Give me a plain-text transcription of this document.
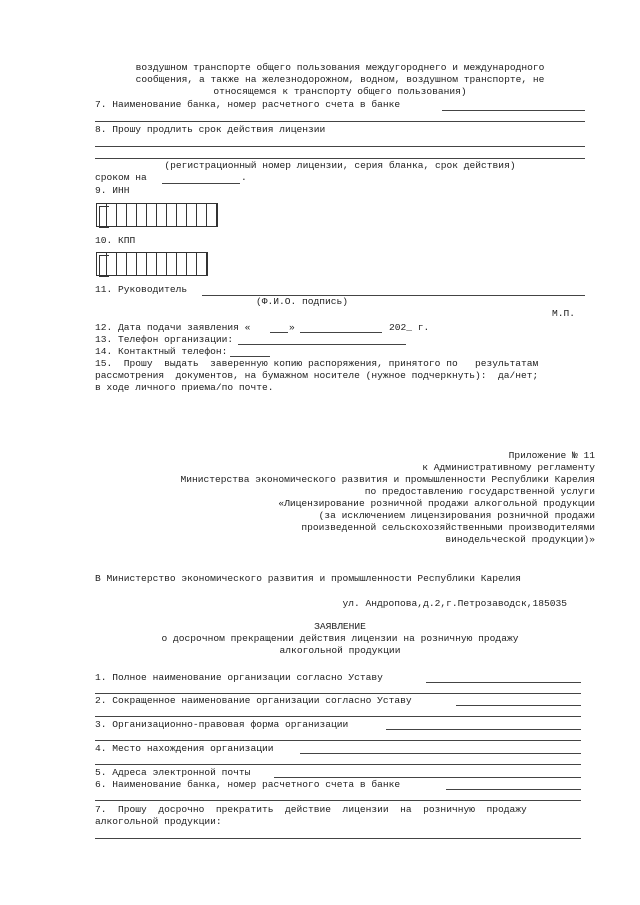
воздушном транспорте общего пользования междугороднего и международного
сообщения, а также на железнодорожном, водном, воздушном транспорте, не
относящемся к транспорту общего пользования)
7. Наименование банка, номер расчетного счета в банке
8. Прошу продлить срок действия лицензии
(регистрационный номер лицензии, серия бланка, срок действия)
сроком на	.
9. ИНН
10. КПП
11. Руководитель
(Ф.И.О. подпись)
М.П.
12. Дата подачи заявления «	»	202_ г.
13. Телефон организации:
14. Контактный телефон:
15.  Прошу  выдать  заверенную копию распоряжения, принятого по   результатам
рассмотрения  документов, на бумажном носителе (нужное подчеркнуть):  да/нет;
в ходе личного приема/по почте.
Приложение № 11
к Административному регламенту
Министерства экономического развития и промышленности Республики Карелия
по предоставлению государственной услуги
«Лицензирование розничной продажи алкогольной продукции
(за исключением лицензирования розничной продажи
произведенной сельскохозяйственными производителями
винодельческой продукции)»
В Министерство экономического развития и промышленности Республики Карелия
ул. Андропова,д.2,г.Петрозаводск,185035
ЗАЯВЛЕНИЕ
о досрочном прекращении действия лицензии на розничную продажу
алкогольной продукции
1. Полное наименование организации согласно Уставу
2. Сокращенное наименование организации согласно Уставу
3. Организационно-правовая форма организации
4. Место нахождения организации
5. Адреса электронной почты
6. Наименование банка, номер расчетного счета в банке
7.  Прошу  досрочно  прекратить  действие  лицензии  на  розничную  продажу
алкогольной продукции:
